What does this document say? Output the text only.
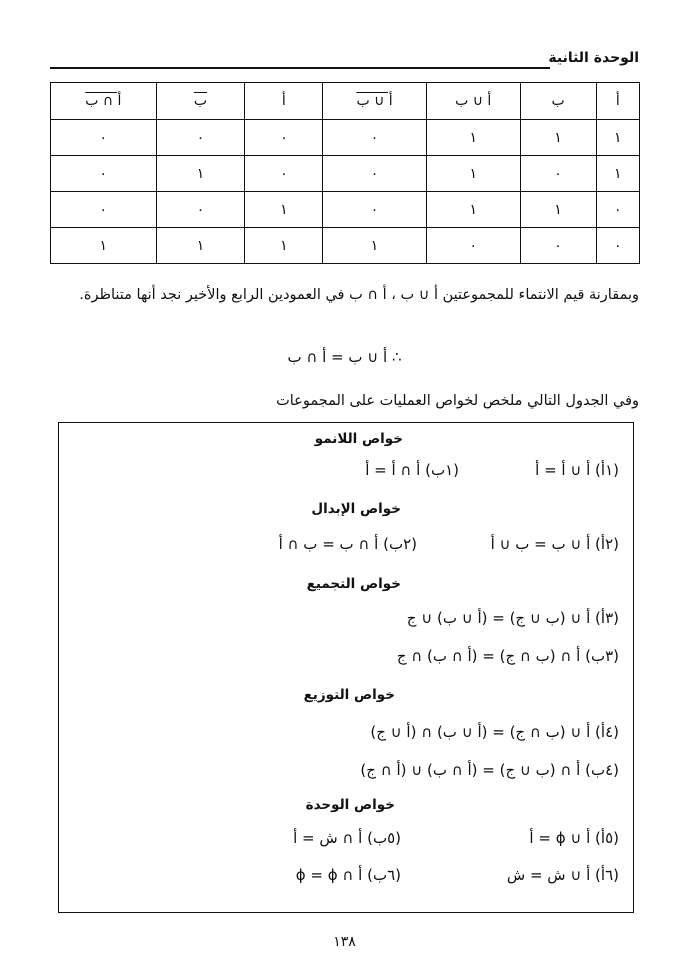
الوحدة الثانية
أ	ب	أ ∪ ب	أ ∪ ب	أ	ب	أ ∩ ب
١	١	١	٠	٠	٠	٠
١	٠	١	٠	٠	١	٠
٠	١	١	٠	١	٠	٠
٠	٠	٠	١	١	١	١
وبمقارنة قيم الانتماء للمجموعتين أ ∪ ب ، أ ∩ ب في العمودين الرابع والأخير نجد أنها متناظرة.
∴ أ ∪ ب = أ ∩ ب
وفي الجدول التالي ملخص لخواص العمليات على المجموعات
خواص اللانمو
(١أ) أ ∪ أ = أ
(١ب) أ ∩ أ = أ
خواص الإبدال
(٢أ) أ ∪ ب = ب ∪ أ
(٢ب) أ ∩ ب = ب ∩ أ
خواص التجميع
(٣أ) أ ∪ (ب ∪ ج) = (أ ∪ ب) ∪ ج
(٣ب) أ ∩ (ب ∩ ج) = (أ ∩ ب) ∩ ج
خواص التوزيع
(٤أ) أ ∪ (ب ∩ ج) = (أ ∪ ب) ∩ (أ ∪ ج)
(٤ب) أ ∩ (ب ∪ ج) = (أ ∩ ب) ∪ (أ ∩ ج)
خواص الوحدة
(٥أ) أ ∪ ϕ = أ
(٥ب) أ ∩ ش = أ
(٦أ) أ ∪ ش = ش
(٦ب) أ ∩ ϕ = ϕ
١٣٨
